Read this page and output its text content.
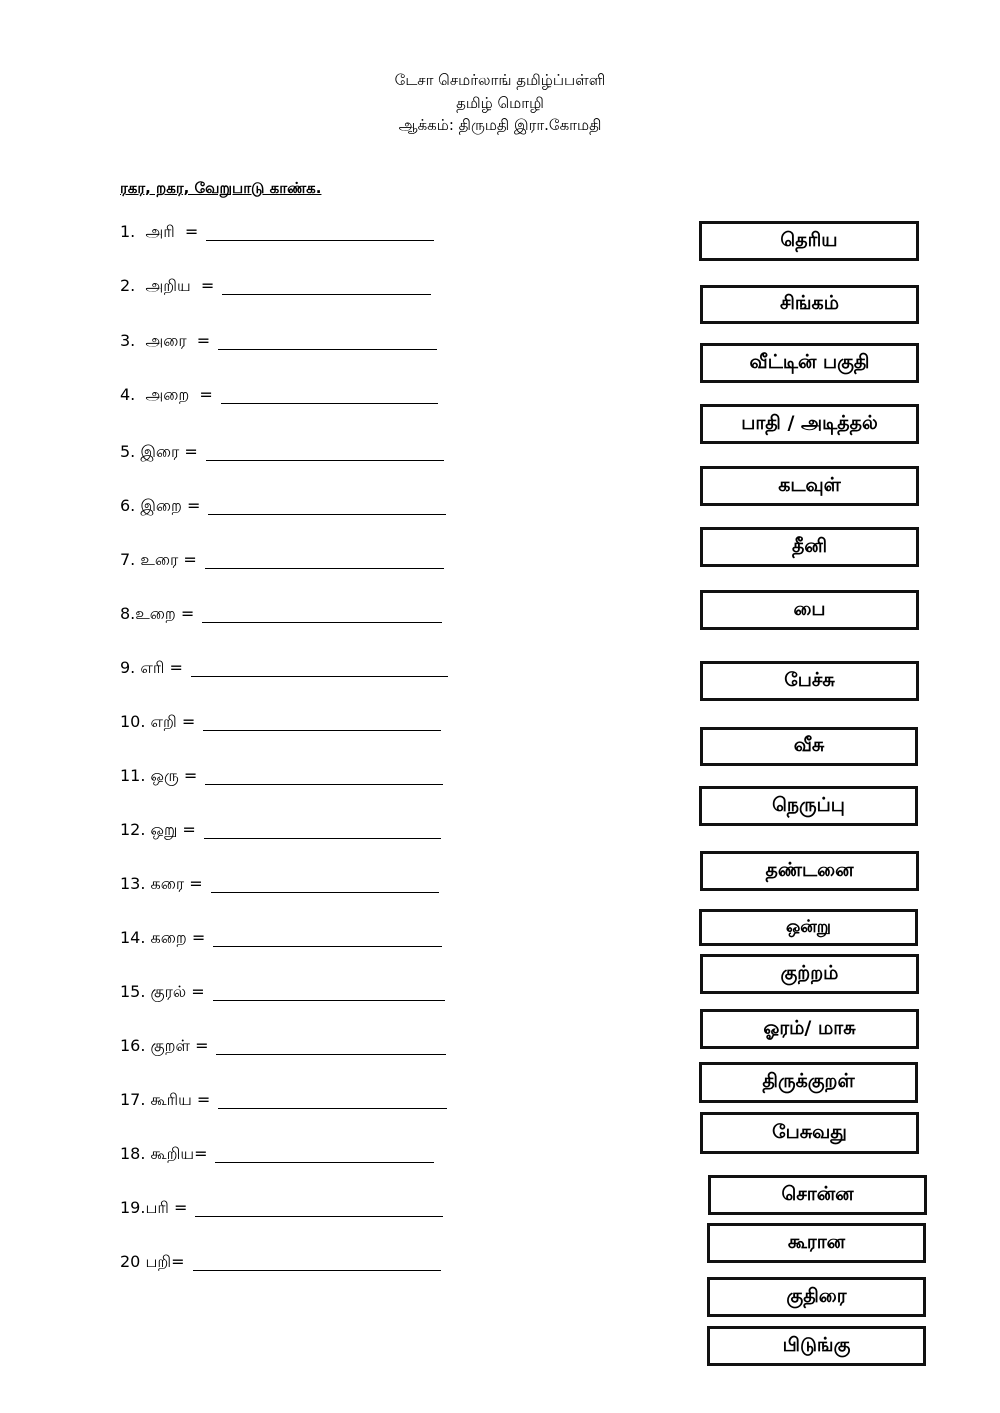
டேசா செமர்லாங் தமிழ்ப்பள்ளி
தமிழ் மொழி
ஆக்கம்: திருமதி இரா.கோமதி
ரகர, றகர, வேறுபாடு காண்க.
1.  அரி  =
2.  அறிய  =
3.  அரை  =
4.  அறை  =
5. இரை =
6. இறை =
7. உரை =
8.உறை =
9. எரி =
10. எறி =
11. ஒரு =
12. ஒறு =
13. கரை =
14. கறை =
15. குரல் =
16. குறள் =
17. கூரிய =
18. கூறிய=
19.பரி =
20 பறி=
தெரிய
சிங்கம்
வீட்டின் பகுதி
பாதி / அடித்தல்
கடவுள்
தீனி
பை
பேச்சு
வீசு
நெருப்பு
தண்டனை
ஒன்று
குற்றம்
ஓரம்/ மாசு
திருக்குறள்
பேசுவது
சொன்ன
கூரான
குதிரை
பிடுங்கு
